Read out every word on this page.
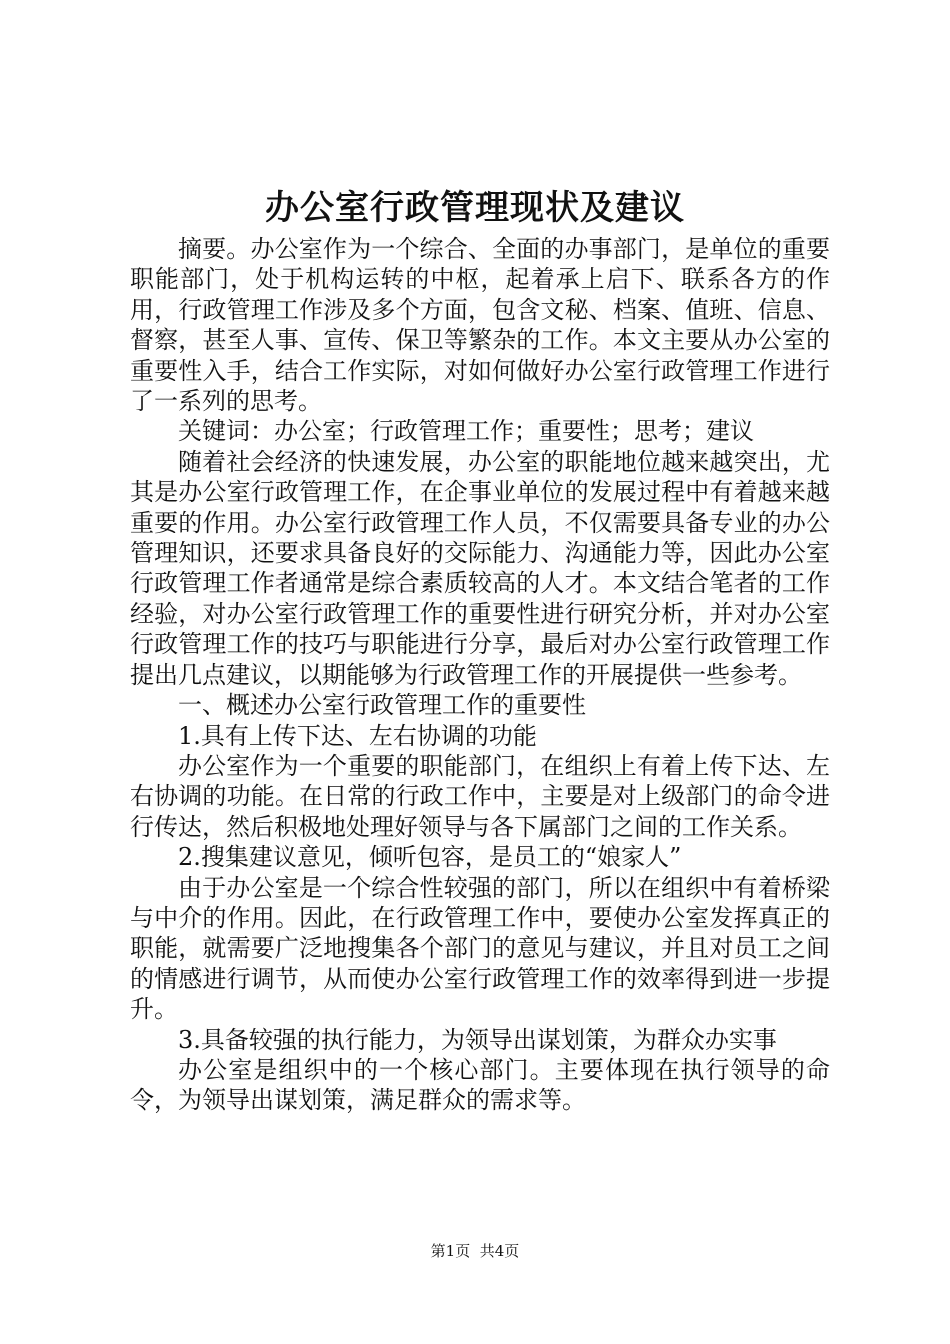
办公室行政管理现状及建议

摘要。办公室作为一个综合、全面的办事部门，是单位的重要职能部门，处于机构运转的中枢，起着承上启下、联系各方的作用，行政管理工作涉及多个方面，包含文秘、档案、值班、信息、督察，甚至人事、宣传、保卫等繁杂的工作。本文主要从办公室的重要性入手，结合工作实际，对如何做好办公室行政管理工作进行了一系列的思考。

关键词：办公室；行政管理工作；重要性；思考；建议

随着社会经济的快速发展，办公室的职能地位越来越突出，尤其是办公室行政管理工作，在企事业单位的发展过程中有着越来越重要的作用。办公室行政管理工作人员，不仅需要具备专业的办公管理知识，还要求具备良好的交际能力、沟通能力等，因此办公室行政管理工作者通常是综合素质较高的人才。本文结合笔者的工作经验，对办公室行政管理工作的重要性进行研究分析，并对办公室行政管理工作的技巧与职能进行分享，最后对办公室行政管理工作提出几点建议，以期能够为行政管理工作的开展提供一些参考。

一、概述办公室行政管理工作的重要性

1.具有上传下达、左右协调的功能

办公室作为一个重要的职能部门，在组织上有着上传下达、左右协调的功能。在日常的行政工作中，主要是对上级部门的命令进行传达，然后积极地处理好领导与各下属部门之间的工作关系。

2.搜集建议意见，倾听包容，是员工的“娘家人”

由于办公室是一个综合性较强的部门，所以在组织中有着桥梁与中介的作用。因此，在行政管理工作中，要使办公室发挥真正的职能，就需要广泛地搜集各个部门的意见与建议，并且对员工之间的情感进行调节，从而使办公室行政管理工作的效率得到进一步提升。

3.具备较强的执行能力，为领导出谋划策，为群众办实事

办公室是组织中的一个核心部门。主要体现在执行领导的命令，为领导出谋划策，满足群众的需求等。

第1页 共4页
